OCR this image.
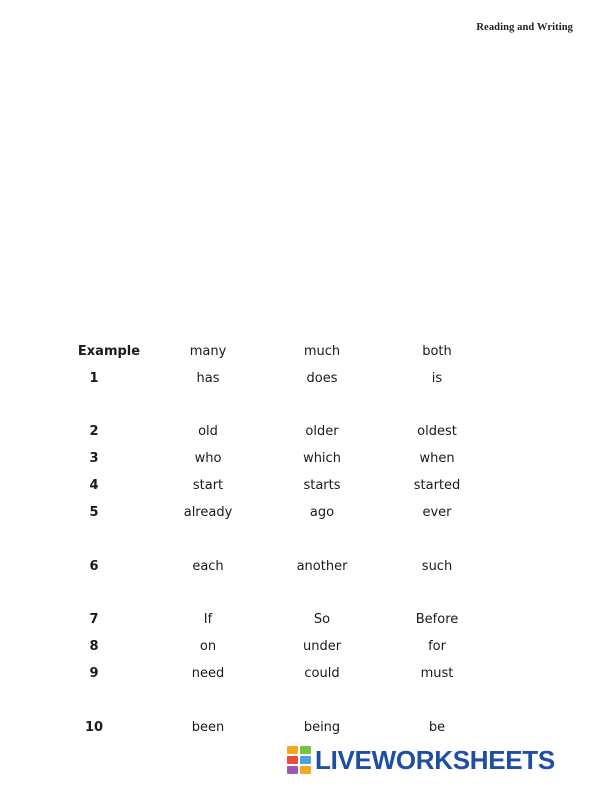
Reading and Writing
Example	many	much	both
1	has	does	is
2	old	older	oldest
3	who	which	when
4	start	starts	started
5	already	ago	ever
6	each	another	such
7	If	So	Before
8	on	under	for
9	need	could	must
10	been	being	be
LIVEWORKSHEETS
